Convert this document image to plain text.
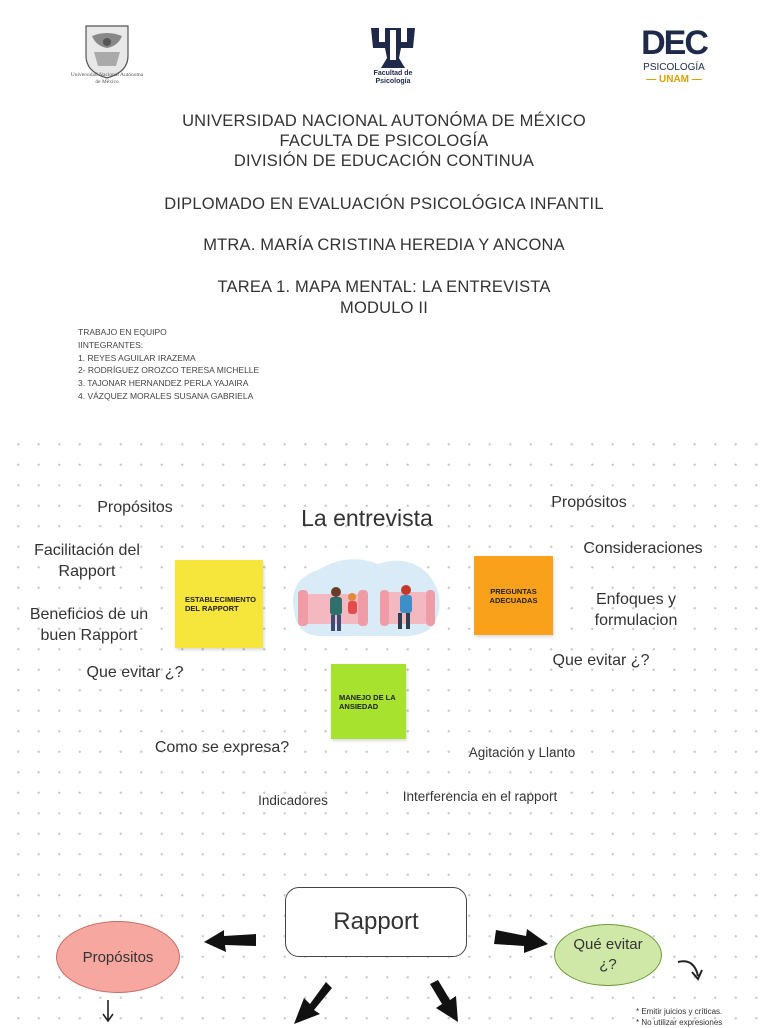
Universidad Nacional Autónoma de México
Facultad de Psicología
DEC
PSICOLOGÍA
— UNAM —
UNIVERSIDAD NACIONAL AUTONÓMA DE MÉXICO
FACULTA DE PSICOLOGÍA
DIVISIÓN DE EDUCACIÓN CONTINUA
DIPLOMADO EN EVALUACIÓN PSICOLÓGICA INFANTIL
MTRA. MARÍA CRISTINA HEREDIA Y ANCONA
TAREA 1. MAPA MENTAL: LA ENTREVISTA
MODULO II
TRABAJO EN EQUIPO
IINTEGRANTES:
1. REYES AGUILAR IRAZEMA
2- RODRÍGUEZ OROZCO TERESA MICHELLE
3. TAJONAR HERNANDEZ PERLA YAJAIRA
4. VÁZQUEZ MORALES SUSANA GABRIELA
La entrevista
Propósitos
Facilitación del Rapport
Beneficios de un buen Rapport
Que evitar ¿?
Propósitos
Consideraciones
Enfoques y formulacion
Que evitar ¿?
Como se expresa?	Agitación y Llanto
Indicadores	Interferencia en el rapport
ESTABLECIMIENTO DEL RAPPORT
PREGUNTAS ADECUADAS
MANEJO DE LA ANSIEDAD
Rapport
Propósitos
Qué evitar ¿?
* Emitir juicios y críticas.
* No utilizar expresiones
